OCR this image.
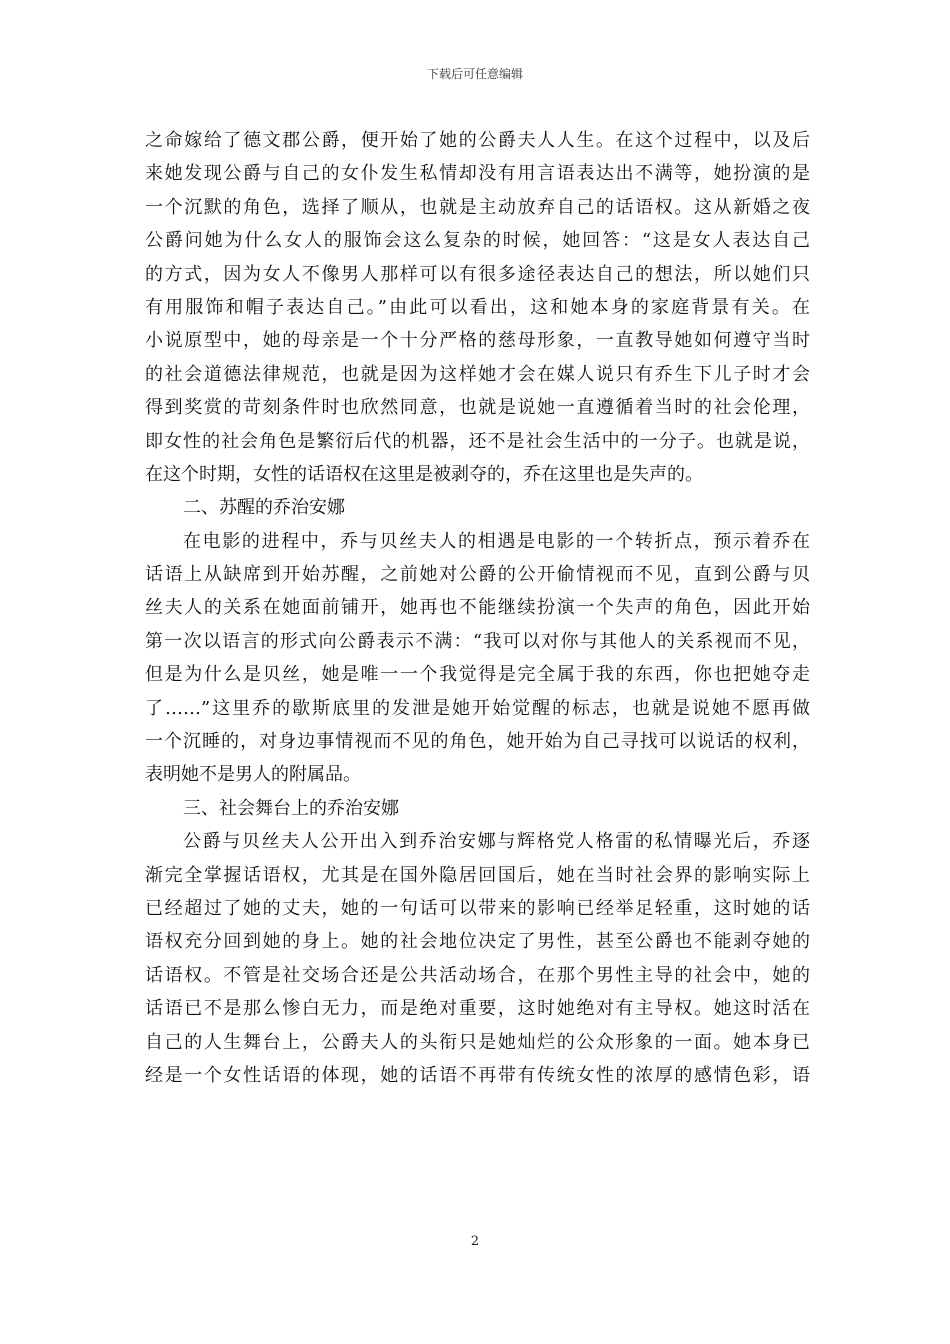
下载后可任意编辑
之命嫁给了德文郡公爵，便开始了她的公爵夫人人生。在这个过程中，以及后
来她发现公爵与自己的女仆发生私情却没有用言语表达出不满等，她扮演的是
一个沉默的角色，选择了顺从，也就是主动放弃自己的话语权。这从新婚之夜
公爵问她为什么女人的服饰会这么复杂的时候，她回答：“这是女人表达自己
的方式，因为女人不像男人那样可以有很多途径表达自己的想法，所以她们只
有用服饰和帽子表达自己。”由此可以看出，这和她本身的家庭背景有关。在
小说原型中，她的母亲是一个十分严格的慈母形象，一直教导她如何遵守当时
的社会道德法律规范，也就是因为这样她才会在媒人说只有乔生下儿子时才会
得到奖赏的苛刻条件时也欣然同意，也就是说她一直遵循着当时的社会伦理，
即女性的社会角色是繁衍后代的机器，还不是社会生活中的一分子。也就是说，
在这个时期，女性的话语权在这里是被剥夺的，乔在这里也是失声的。
二、苏醒的乔治安娜
在电影的进程中，乔与贝丝夫人的相遇是电影的一个转折点，预示着乔在
话语上从缺席到开始苏醒，之前她对公爵的公开偷情视而不见，直到公爵与贝
丝夫人的关系在她面前铺开，她再也不能继续扮演一个失声的角色，因此开始
第一次以语言的形式向公爵表示不满：“我可以对你与其他人的关系视而不见，
但是为什么是贝丝，她是唯一一个我觉得是完全属于我的东西，你也把她夺走
了……”这里乔的歇斯底里的发泄是她开始觉醒的标志，也就是说她不愿再做
一个沉睡的，对身边事情视而不见的角色，她开始为自己寻找可以说话的权利，
表明她不是男人的附属品。
三、社会舞台上的乔治安娜
公爵与贝丝夫人公开出入到乔治安娜与辉格党人格雷的私情曝光后，乔逐
渐完全掌握话语权，尤其是在国外隐居回国后，她在当时社会界的影响实际上
已经超过了她的丈夫，她的一句话可以带来的影响已经举足轻重，这时她的话
语权充分回到她的身上。她的社会地位决定了男性，甚至公爵也不能剥夺她的
话语权。不管是社交场合还是公共活动场合，在那个男性主导的社会中，她的
话语已不是那么惨白无力，而是绝对重要，这时她绝对有主导权。她这时活在
自己的人生舞台上，公爵夫人的头衔只是她灿烂的公众形象的一面。她本身已
经是一个女性话语的体现，她的话语不再带有传统女性的浓厚的感情色彩，语
2
